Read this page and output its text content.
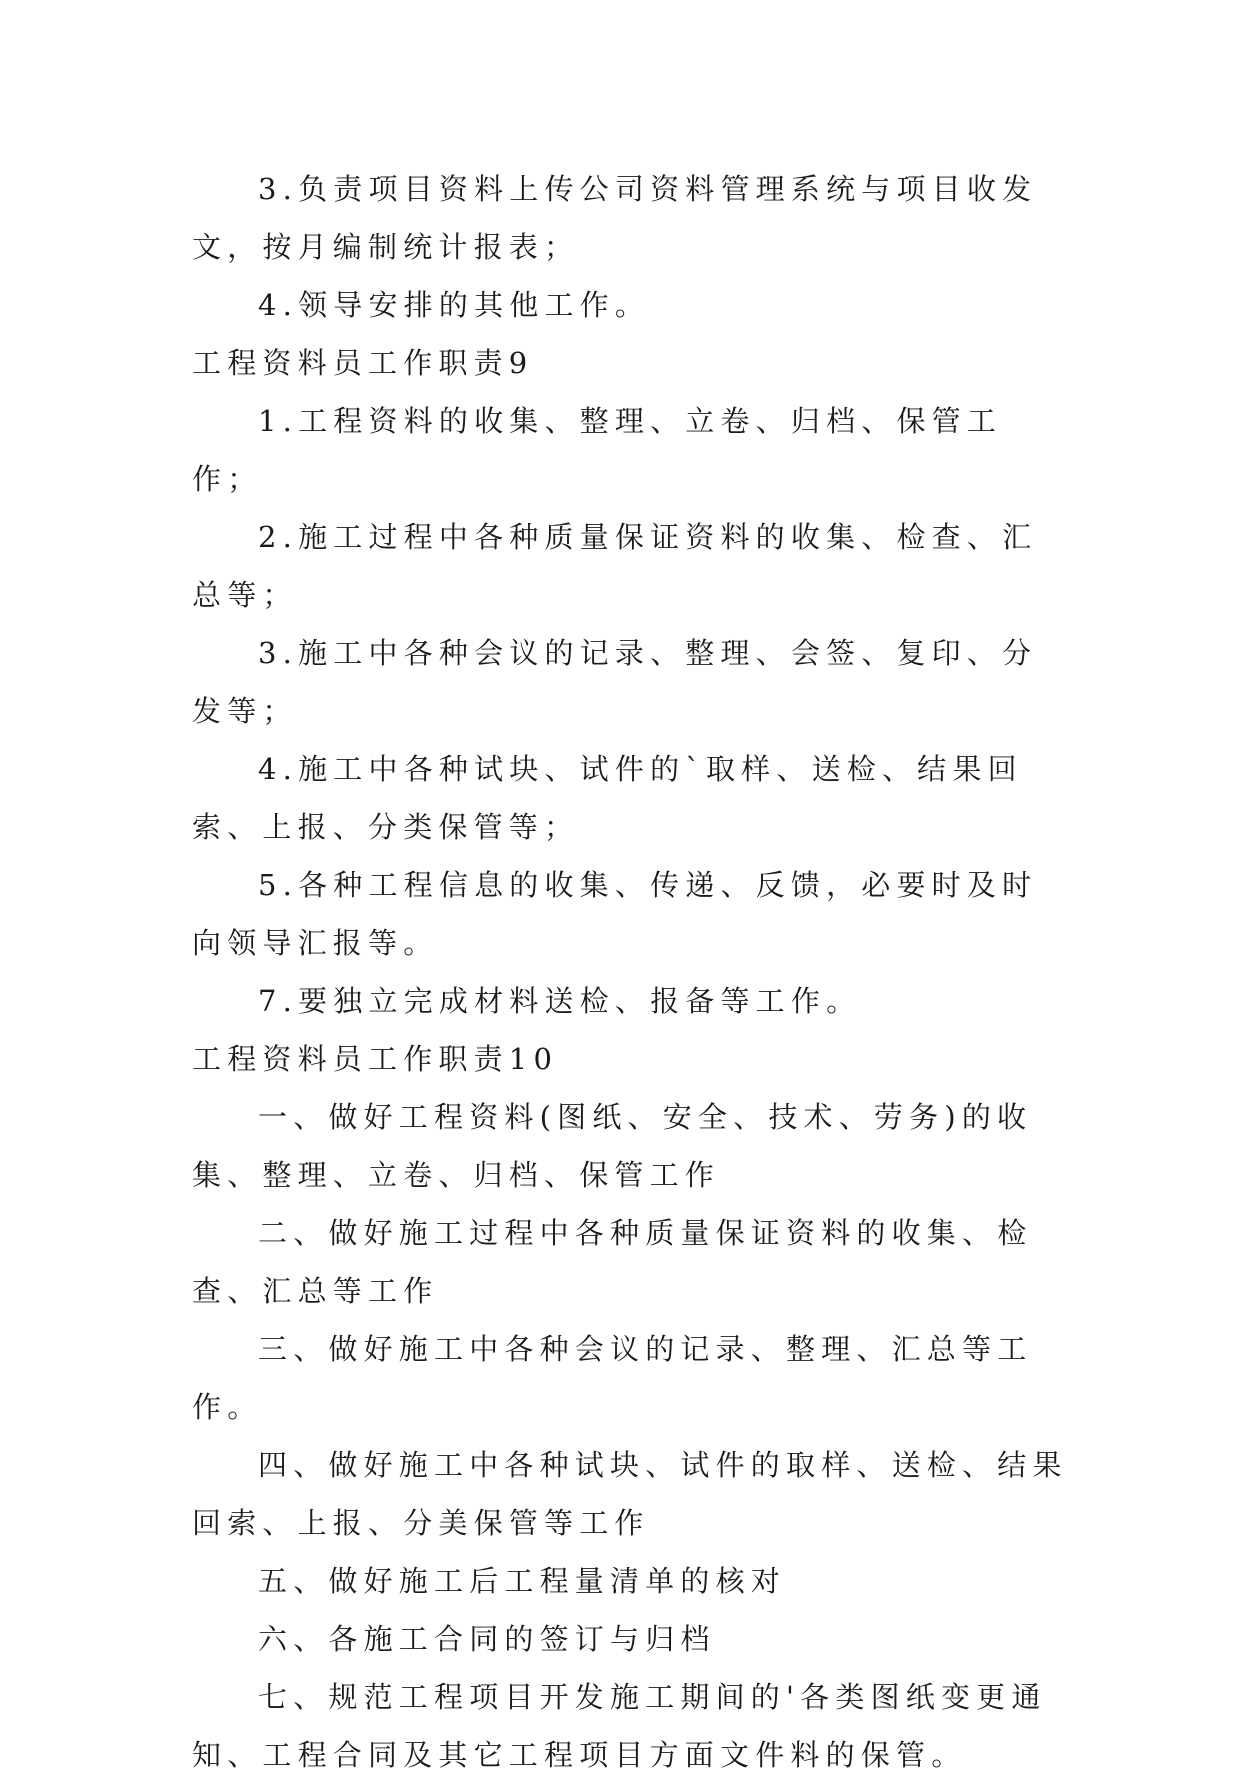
3.负责项目资料上传公司资料管理系统与项目收发文，按月编制统计报表；

4.领导安排的其他工作。

工程资料员工作职责9

1.工程资料的收集、整理、立卷、归档、保管工作；

2.施工过程中各种质量保证资料的收集、检查、汇总等；

3.施工中各种会议的记录、整理、会签、复印、分发等；

4.施工中各种试块、试件的`取样、送检、结果回索、上报、分类保管等；

5.各种工程信息的收集、传递、反馈，必要时及时向领导汇报等。

7.要独立完成材料送检、报备等工作。

工程资料员工作职责10

一、做好工程资料(图纸、安全、技术、劳务)的收集、整理、立卷、归档、保管工作

二、做好施工过程中各种质量保证资料的收集、检查、汇总等工作

三、做好施工中各种会议的记录、整理、汇总等工作。

四、做好施工中各种试块、试件的取样、送检、结果回索、上报、分美保管等工作

五、做好施工后工程量清单的核对

六、各施工合同的签订与归档

七、规范工程项目开发施工期间的'各类图纸变更通知、工程合同及其它工程项目方面文件料的保管。
